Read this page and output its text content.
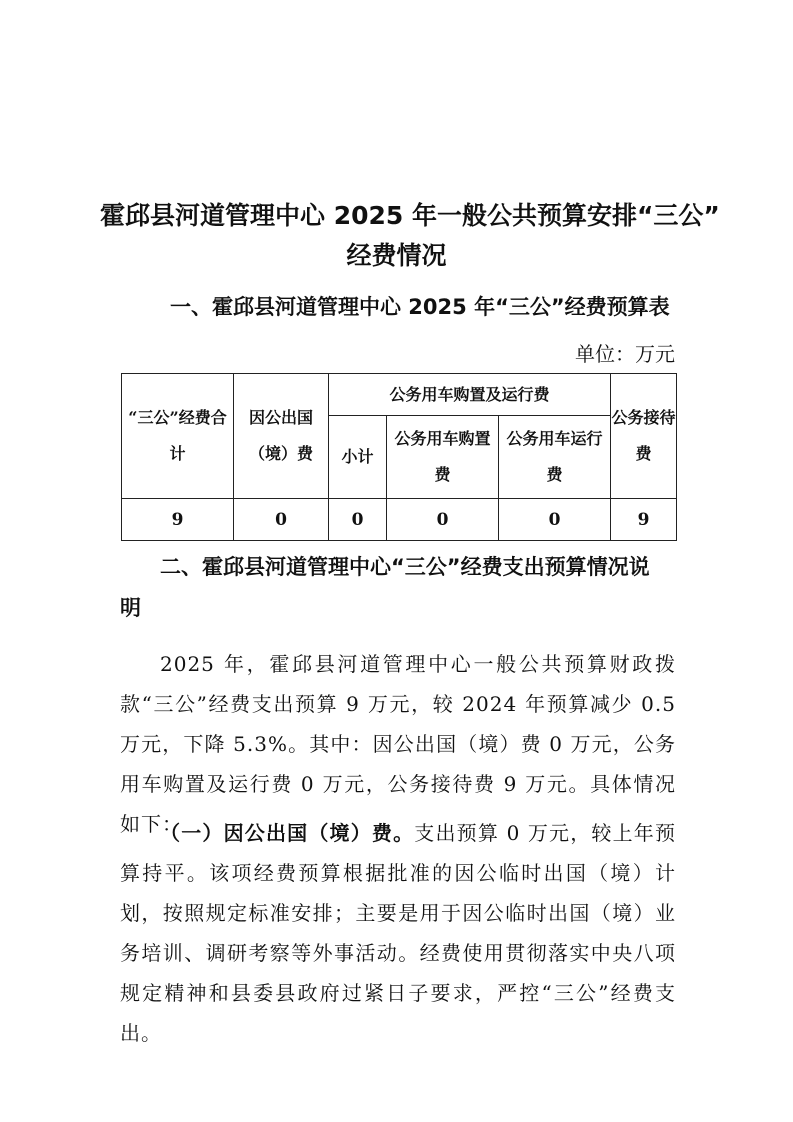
霍邱县河道管理中心 2025 年一般公共预算安排“三公”
经费情况
一、霍邱县河道管理中心 2025 年“三公”经费预算表
单位：万元
“三公”经费合计	因公出国（境）费	公务用车购置及运行费			公务接待费
		小计	公务用车购置费	公务用车运行费	
9	0	0	0	0	9
二、霍邱县河道管理中心“三公”经费支出预算情况说
明

2025 年，霍邱县河道管理中心一般公共预算财政拨款“三公”经费支出预算 9 万元，较 2024 年预算减少 0.5 万元，下降 5.3%。其中：因公出国（境）费 0 万元，公务用车购置及运行费 0 万元，公务接待费 9 万元。具体情况如下：

（一）因公出国（境）费。支出预算 0 万元，较上年预算持平。该项经费预算根据批准的因公临时出国（境）计划，按照规定标准安排；主要是用于因公临时出国（境）业务培训、调研考察等外事活动。经费使用贯彻落实中央八项规定精神和县委县政府过紧日子要求，严控“三公”经费支出。
